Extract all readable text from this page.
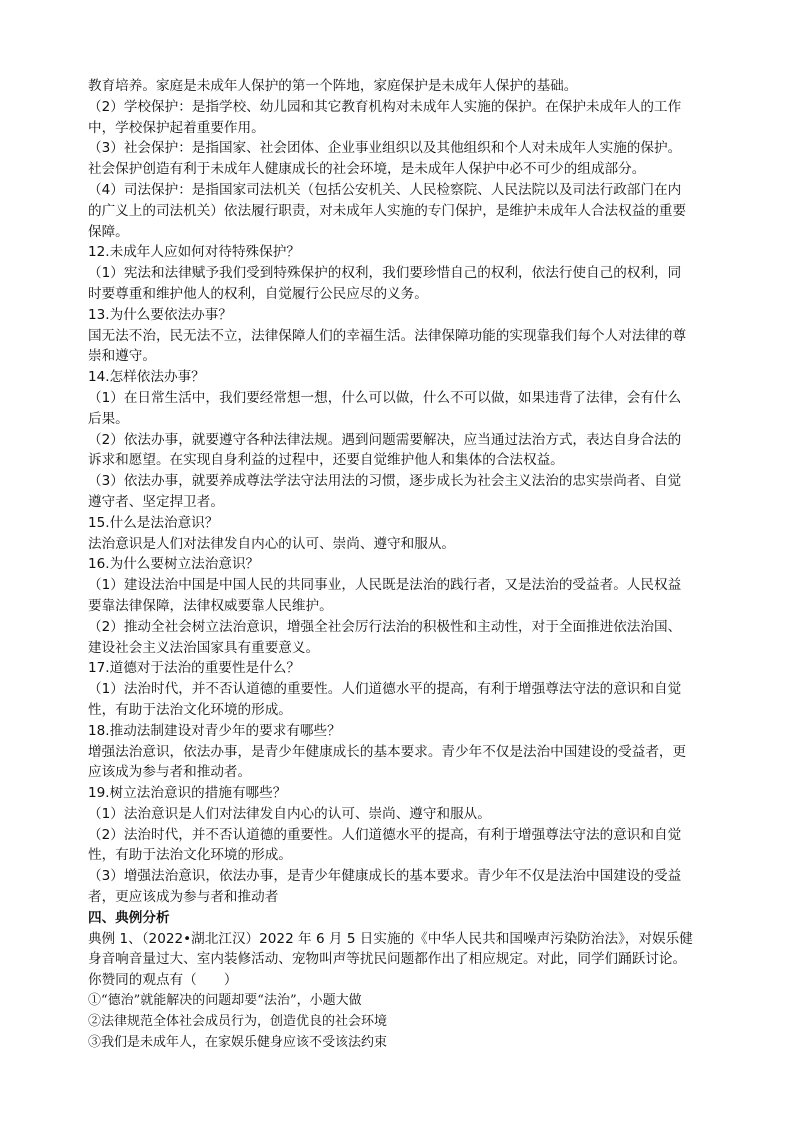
教育培养。家庭是未成年人保护的第一个阵地，家庭保护是未成年人保护的基础。
（2）学校保护：是指学校、幼儿园和其它教育机构对未成年人实施的保护。在保护未成年人的工作
中，学校保护起着重要作用。
（3）社会保护：是指国家、社会团体、企业事业组织以及其他组织和个人对未成年人实施的保护。
社会保护创造有利于未成年人健康成长的社会环境，是未成年人保护中必不可少的组成部分。
（4）司法保护：是指国家司法机关（包括公安机关、人民检察院、人民法院以及司法行政部门在内
的广义上的司法机关）依法履行职责，对未成年人实施的专门保护，是维护未成年人合法权益的重要
保障。
12.未成年人应如何对待特殊保护？
（1）宪法和法律赋予我们受到特殊保护的权利，我们要珍惜自己的权利，依法行使自己的权利，同
时要尊重和维护他人的权利，自觉履行公民应尽的义务。
13.为什么要依法办事？
国无法不治，民无法不立，法律保障人们的幸福生活。法律保障功能的实现靠我们每个人对法律的尊
崇和遵守。
14.怎样依法办事？
（1）在日常生活中，我们要经常想一想，什么可以做，什么不可以做，如果违背了法律，会有什么
后果。
（2）依法办事，就要遵守各种法律法规。遇到问题需要解决，应当通过法治方式，表达自身合法的
诉求和愿望。在实现自身利益的过程中，还要自觉维护他人和集体的合法权益。
（3）依法办事，就要养成尊法学法守法用法的习惯，逐步成长为社会主义法治的忠实崇尚者、自觉
遵守者、坚定捍卫者。
15.什么是法治意识？
法治意识是人们对法律发自内心的认可、崇尚、遵守和服从。
16.为什么要树立法治意识？
（1）建设法治中国是中国人民的共同事业，人民既是法治的践行者，又是法治的受益者。人民权益
要靠法律保障，法律权威要靠人民维护。
（2）推动全社会树立法治意识，增强全社会厉行法治的积极性和主动性，对于全面推进依法治国、
建设社会主义法治国家具有重要意义。
17.道德对于法治的重要性是什么？
（1）法治时代，并不否认道德的重要性。人们道德水平的提高，有利于增强尊法守法的意识和自觉
性，有助于法治文化环境的形成。
18.推动法制建设对青少年的要求有哪些？
增强法治意识，依法办事，是青少年健康成长的基本要求。青少年不仅是法治中国建设的受益者，更
应该成为参与者和推动者。
19.树立法治意识的措施有哪些？
（1）法治意识是人们对法律发自内心的认可、崇尚、遵守和服从。
（2）法治时代，并不否认道德的重要性。人们道德水平的提高，有利于增强尊法守法的意识和自觉
性，有助于法治文化环境的形成。
（3）增强法治意识，依法办事，是青少年健康成长的基本要求。青少年不仅是法治中国建设的受益
者，更应该成为参与者和推动者
四、典例分析
典例 1、（2022•湖北江汉）2022 年 6 月 5 日实施的《中华人民共和国噪声污染防治法》，对娱乐健
身音响音量过大、室内装修活动、宠物叫声等扰民问题都作出了相应规定。对此，同学们踊跃讨论。
你赞同的观点有（　　）
①“德治”就能解决的问题却要“法治”，小题大做
②法律规范全体社会成员行为，创造优良的社会环境
③我们是未成年人，在家娱乐健身应该不受该法约束
